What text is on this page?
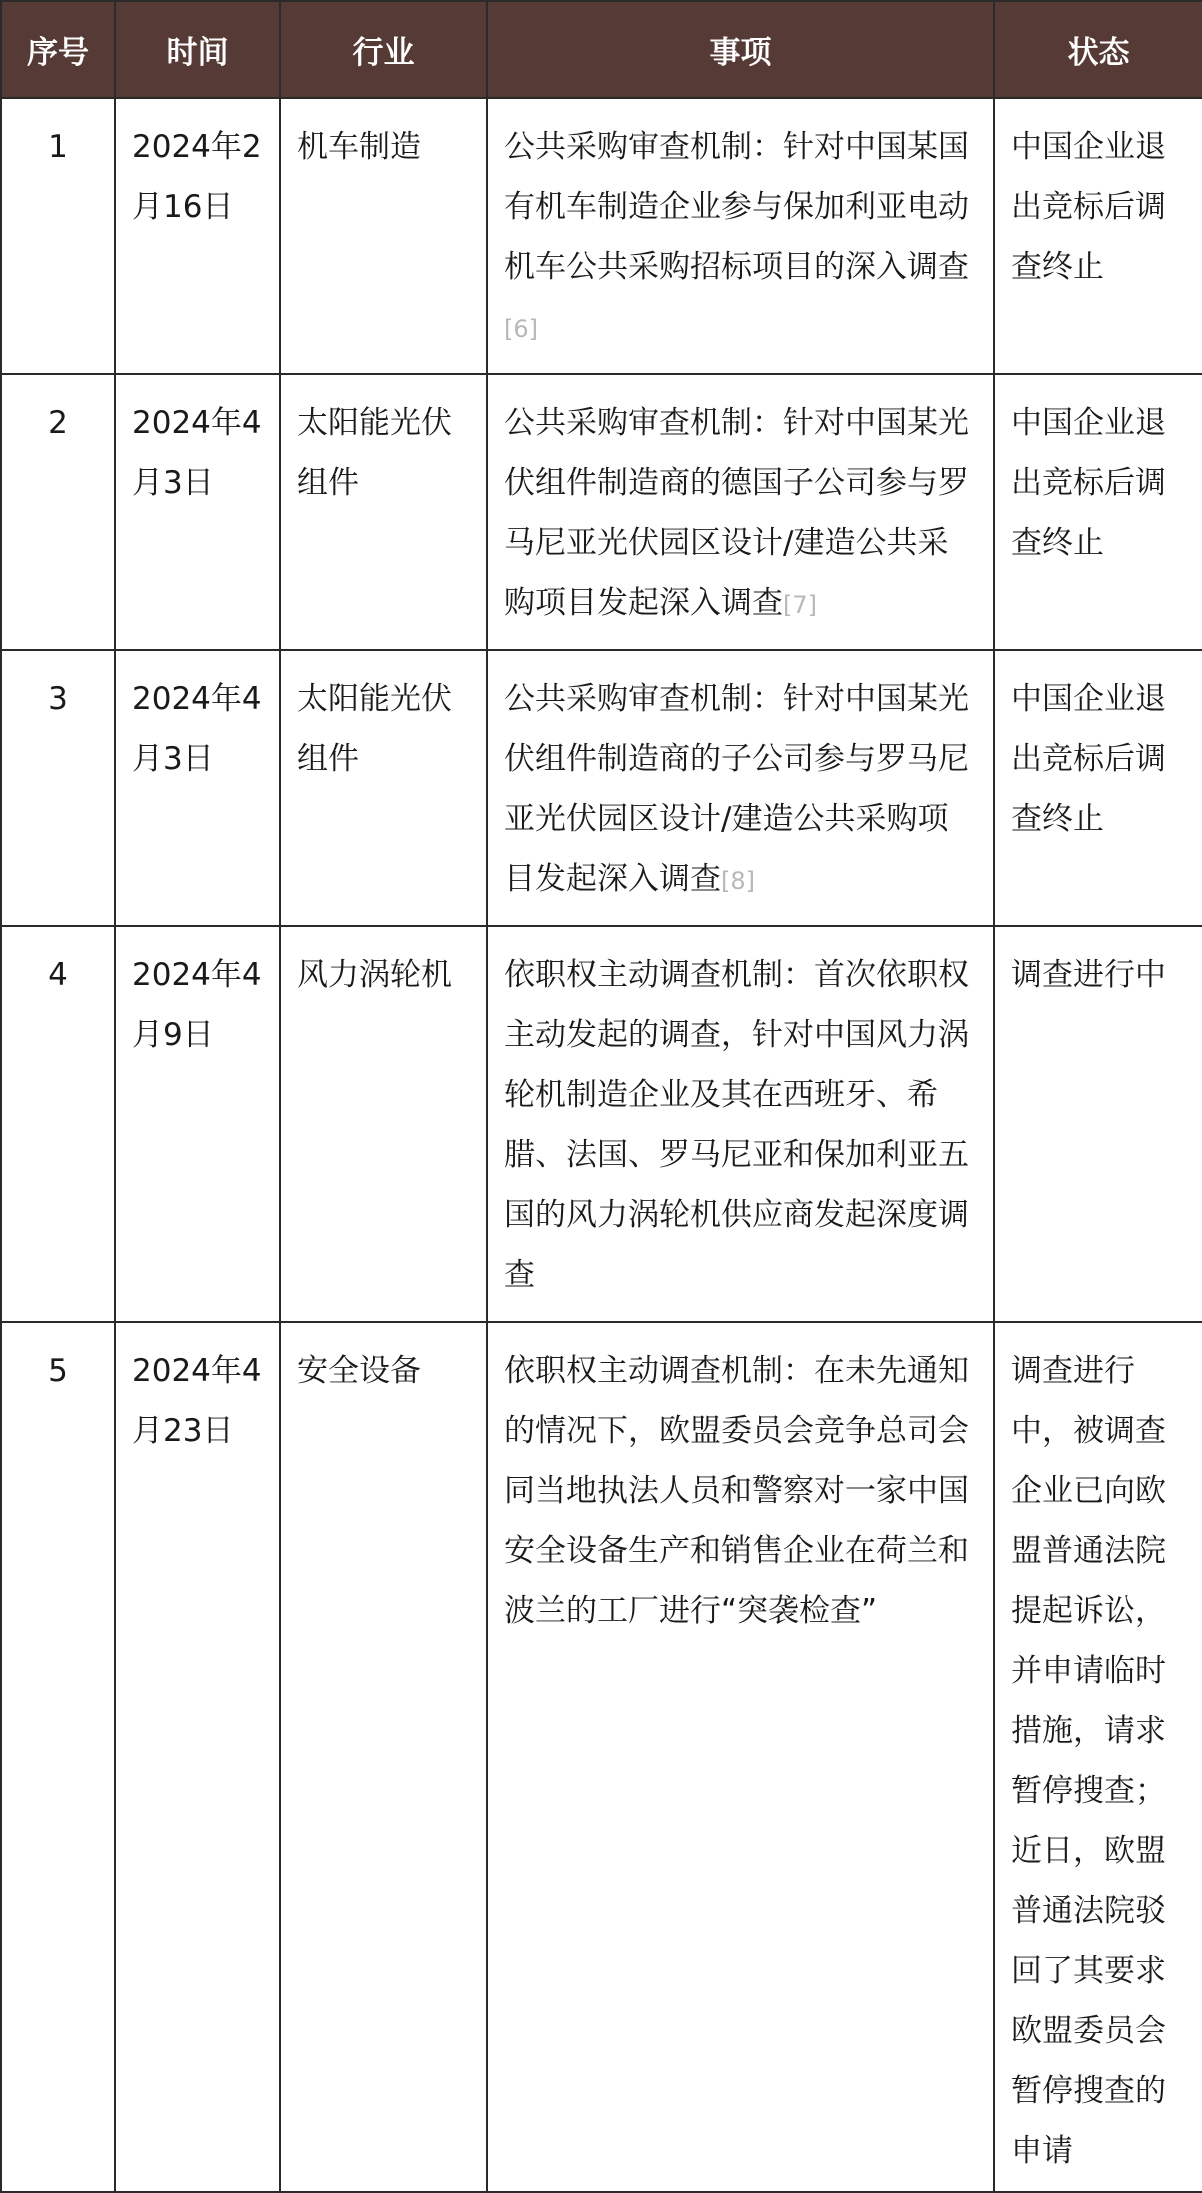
序号	时间	行业	事项	状态
1	2024年2月16日	机车制造	公共采购审查机制：针对中国某国有机车制造企业参与保加利亚电动机车公共采购招标项目的深入调查[6]	中国企业退出竞标后调查终止
2	2024年4月3日	太阳能光伏组件	公共采购审查机制：针对中国某光伏组件制造商的德国子公司参与罗马尼亚光伏园区设计/建造公共采购项目发起深入调查[7]	中国企业退出竞标后调查终止
3	2024年4月3日	太阳能光伏组件	公共采购审查机制：针对中国某光伏组件制造商的子公司参与罗马尼亚光伏园区设计/建造公共采购项目发起深入调查[8]	中国企业退出竞标后调查终止
4	2024年4月9日	风力涡轮机	依职权主动调查机制：首次依职权主动发起的调查，针对中国风力涡轮机制造企业及其在西班牙、希腊、法国、罗马尼亚和保加利亚五国的风力涡轮机供应商发起深度调查	调查进行中
5	2024年4月23日	安全设备	依职权主动调查机制：在未先通知的情况下，欧盟委员会竞争总司会同当地执法人员和警察对一家中国安全设备生产和销售企业在荷兰和波兰的工厂进行“突袭检查”	调查进行中，被调查企业已向欧盟普通法院提起诉讼，并申请临时措施，请求暂停搜查；近日，欧盟普通法院驳回了其要求欧盟委员会暂停搜查的申请
